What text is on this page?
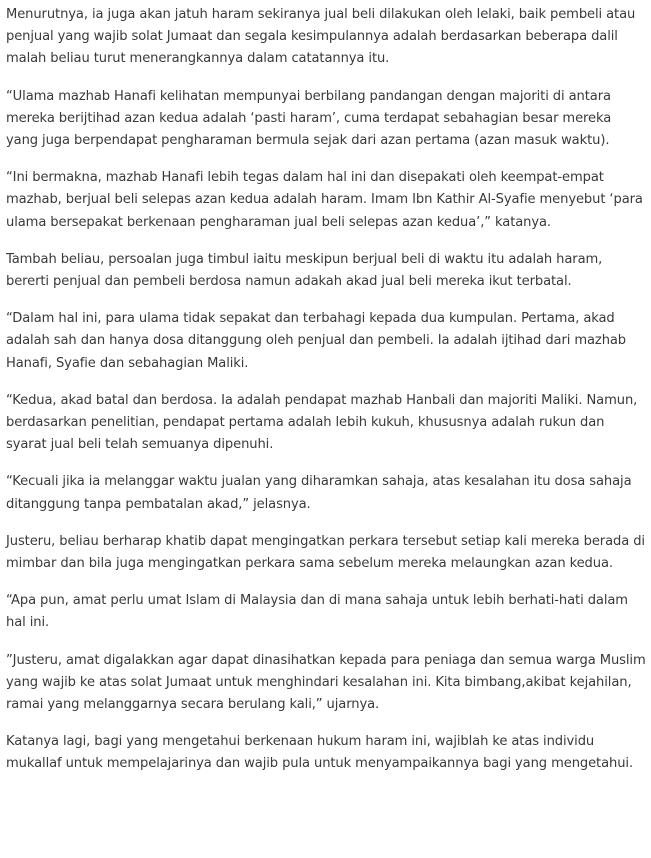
Menurutnya, ia juga akan jatuh haram sekiranya jual beli dilakukan oleh lelaki, baik pembeli atau penjual yang wajib solat Jumaat dan segala kesimpulannya adalah berdasarkan beberapa dalil malah beliau turut menerangkannya dalam catatannya itu.

“Ulama mazhab Hanafi kelihatan mempunyai berbilang pandangan dengan majoriti di antara mereka berijtihad azan kedua adalah ‘pasti haram’, cuma terdapat sebahagian besar mereka yang juga berpendapat pengharaman bermula sejak dari azan pertama (azan masuk waktu).

“Ini bermakna, mazhab Hanafi lebih tegas dalam hal ini dan disepakati oleh keempat-empat mazhab, berjual beli selepas azan kedua adalah haram. Imam Ibn Kathir Al-Syafie menyebut ‘para ulama bersepakat berkenaan pengharaman jual beli selepas azan kedua’,” katanya.

Tambah beliau, persoalan juga timbul iaitu meskipun berjual beli di waktu itu adalah haram, bererti penjual dan pembeli berdosa namun adakah akad jual beli mereka ikut terbatal.

“Dalam hal ini, para ulama tidak sepakat dan terbahagi kepada dua kumpulan. Pertama, akad adalah sah dan hanya dosa ditanggung oleh penjual dan pembeli. Ia adalah ijtihad dari mazhab Hanafi, Syafie dan sebahagian Maliki.

“Kedua, akad batal dan berdosa. Ia adalah pendapat mazhab Hanbali dan majoriti Maliki. Namun, berdasarkan penelitian, pendapat pertama adalah lebih kukuh, khususnya adalah rukun dan syarat jual beli telah semuanya dipenuhi.

“Kecuali jika ia melanggar waktu jualan yang diharamkan sahaja, atas kesalahan itu dosa sahaja ditanggung tanpa pembatalan akad,” jelasnya.

Justeru, beliau berharap khatib dapat mengingatkan perkara tersebut setiap kali mereka berada di mimbar dan bila juga mengingatkan perkara sama sebelum mereka melaungkan azan kedua.

“Apa pun, amat perlu umat Islam di Malaysia dan di mana sahaja untuk lebih berhati-hati dalam hal ini.

”Justeru, amat digalakkan agar dapat dinasihatkan kepada para peniaga dan semua warga Muslim yang wajib ke atas solat Jumaat untuk menghindari kesalahan ini. Kita bimbang,akibat kejahilan, ramai yang melanggarnya secara berulang kali,” ujarnya.

Katanya lagi, bagi yang mengetahui berkenaan hukum haram ini, wajiblah ke atas individu mukallaf untuk mempelajarinya dan wajib pula untuk menyampaikannya bagi yang mengetahui.
